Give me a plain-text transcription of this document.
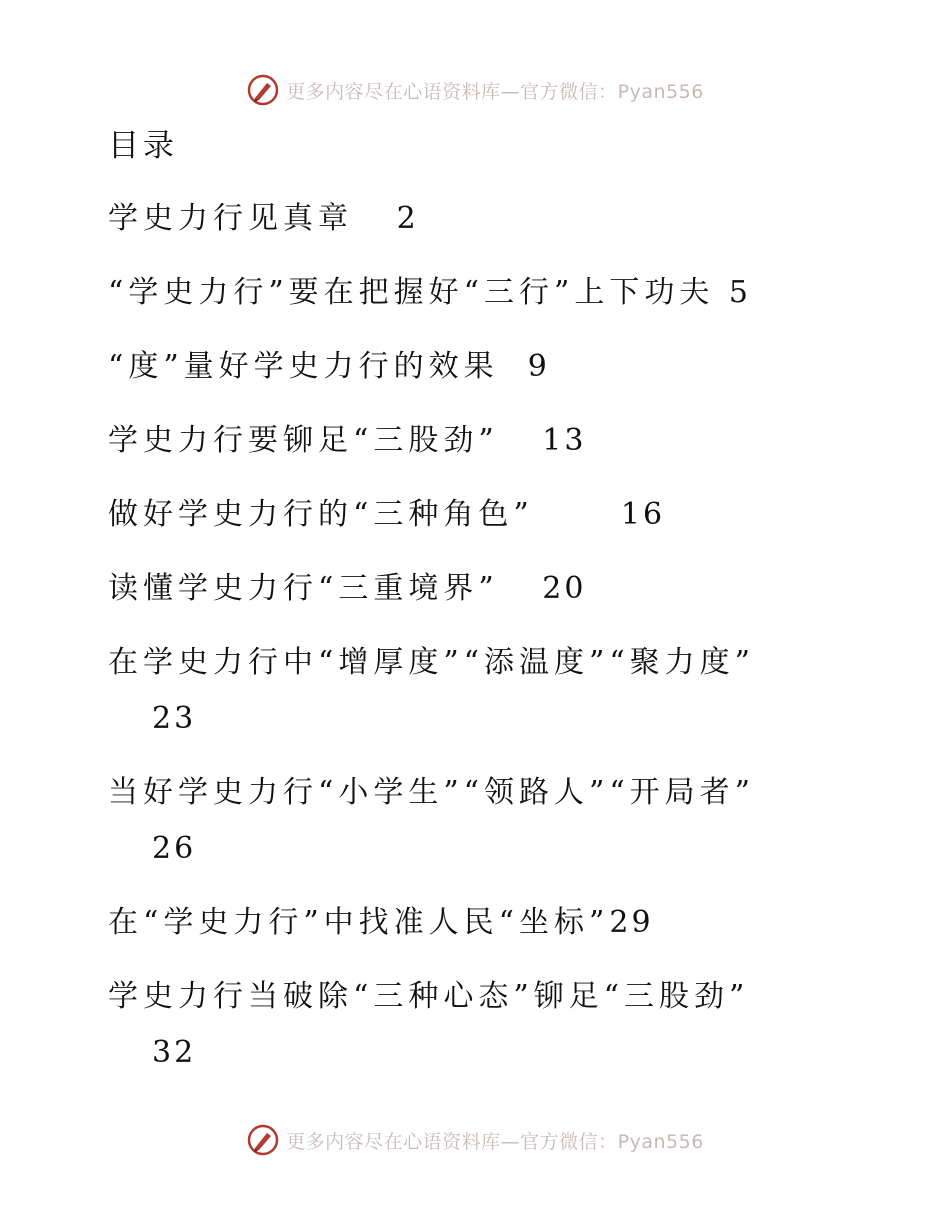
更多内容尽在心语资料库—官方微信：Pyan556
目录
学史力行见真章 2
“学史力行”要在把握好“三行”上下功夫 5
“度”量好学史力行的效果 9
学史力行要铆足“三股劲” 13
做好学史力行的“三种角色”	16
读懂学史力行“三重境界” 20
在学史力行中“增厚度”“添温度”“聚力度”
23
当好学史力行“小学生”“领路人”“开局者”
26
在“学史力行”中找准人民“坐标”29
学史力行当破除“三种心态”铆足“三股劲”
32
更多内容尽在心语资料库—官方微信：Pyan556
